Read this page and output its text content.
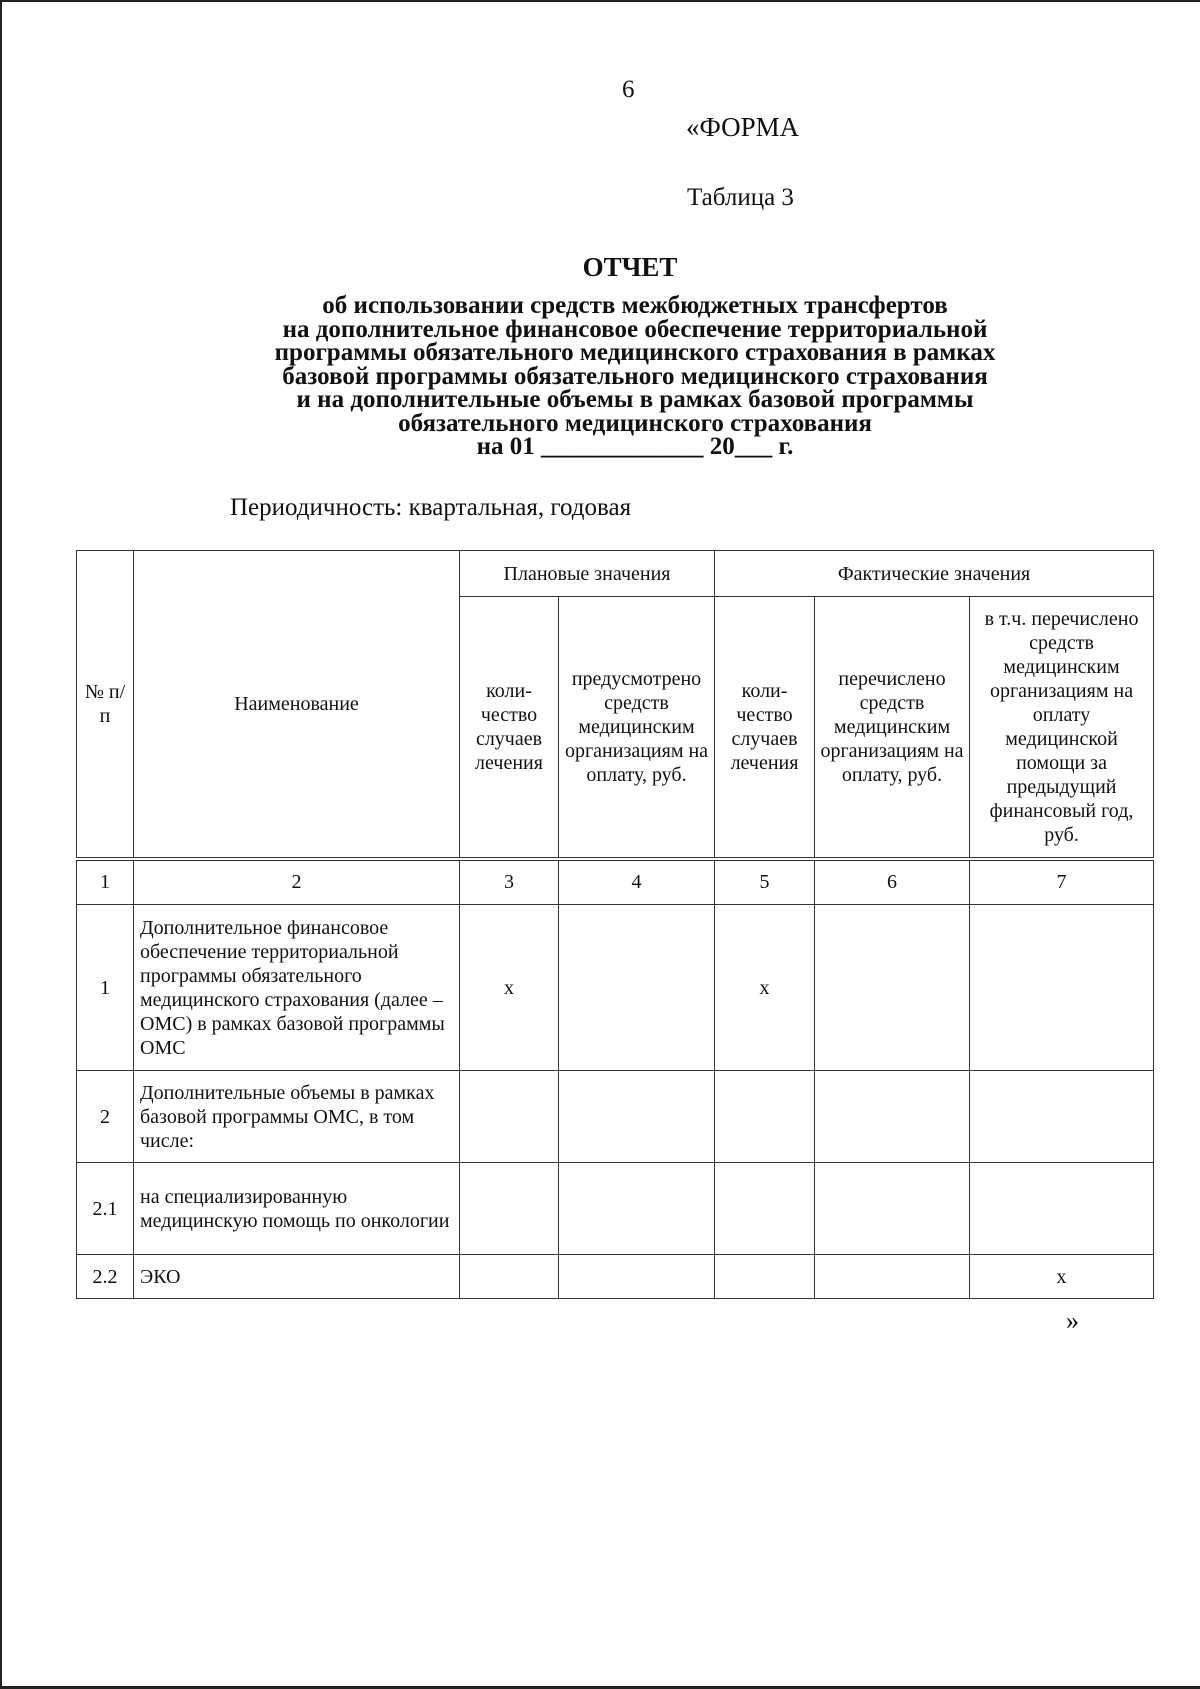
6
«ФОРМА
Таблица 3
ОТЧЕТ
об использовании средств межбюджетных трансфертов
на дополнительное финансовое обеспечение территориальной
программы обязательного медицинского страхования в рамках
базовой программы обязательного медицинского страхования
и на дополнительные объемы в рамках базовой программы
обязательного медицинского страхования
на 01 _____________ 20___ г.
Периодичность: квартальная, годовая
№ п/п	Наименование	Плановые значения		Фактические значения		
		коли-чество случаев лечения	предусмотрено средств медицинским организациям на оплату, руб.	коли-чество случаев лечения	перечислено средств медицинским организациям на оплату, руб.	в т.ч. перечислено средств медицинским организациям на оплату медицинской помощи за предыдущий финансовый год, руб.
1	2	3	4	5	6	7
1	Дополнительное финансовое обеспечение территориальной программы обязательного медицинского страхования (далее – ОМС) в рамках базовой программы ОМС	х		х		
2	Дополнительные объемы в рамках базовой программы ОМС, в том числе:					
2.1	на специализированную медицинскую помощь по онкологии					
2.2	ЭКО					х
»
